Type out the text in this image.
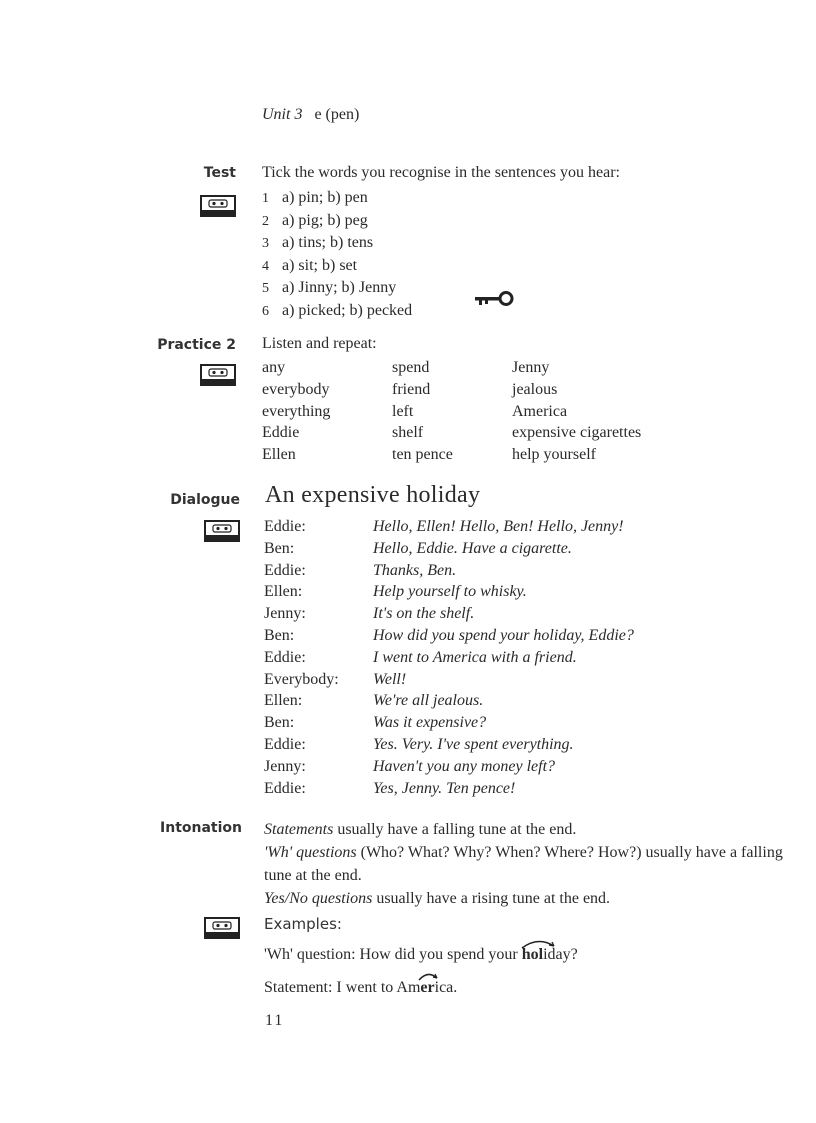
Unit 3 e (pen)
Test Tick the words you recognise in the sentences you hear:
1 a) pin; b) pen
2 a) pig; b) peg
3 a) tins; b) tens
4 a) sit; b) set
5 a) Jinny; b) Jenny
6 a) picked; b) pecked
Practice 2 Listen and repeat:
any
everybody
everything
Eddie
Ellen
spend
friend
left
shelf
ten pence
Jenny
jealous
America
expensive cigarettes
help yourself
Dialogue An expensive holiday
Eddie:
Ben:
Eddie:
Ellen:
Jenny:
Ben:
Eddie:
Everybody:
Ellen:
Ben:
Eddie:
Jenny:
Eddie:
Hello, Ellen! Hello, Ben! Hello, Jenny!
Hello, Eddie. Have a cigarette.
Thanks, Ben.
Help yourself to whisky.
It's on the shelf.
How did you spend your holiday, Eddie?
I went to America with a friend.
Well!
We're all jealous.
Was it expensive?
Yes. Very. I've spent everything.
Haven't you any money left?
Yes, Jenny. Ten pence!
Intonation Statements usually have a falling tune at the end.

'Wh' questions (Who? What? Why? When? Where? How?) usually have a falling tune at the end.

Yes/No questions usually have a rising tune at the end.

Examples:
'Wh' question: How did you spend your
holiday?
Statement: I went to Am
erica.
11
